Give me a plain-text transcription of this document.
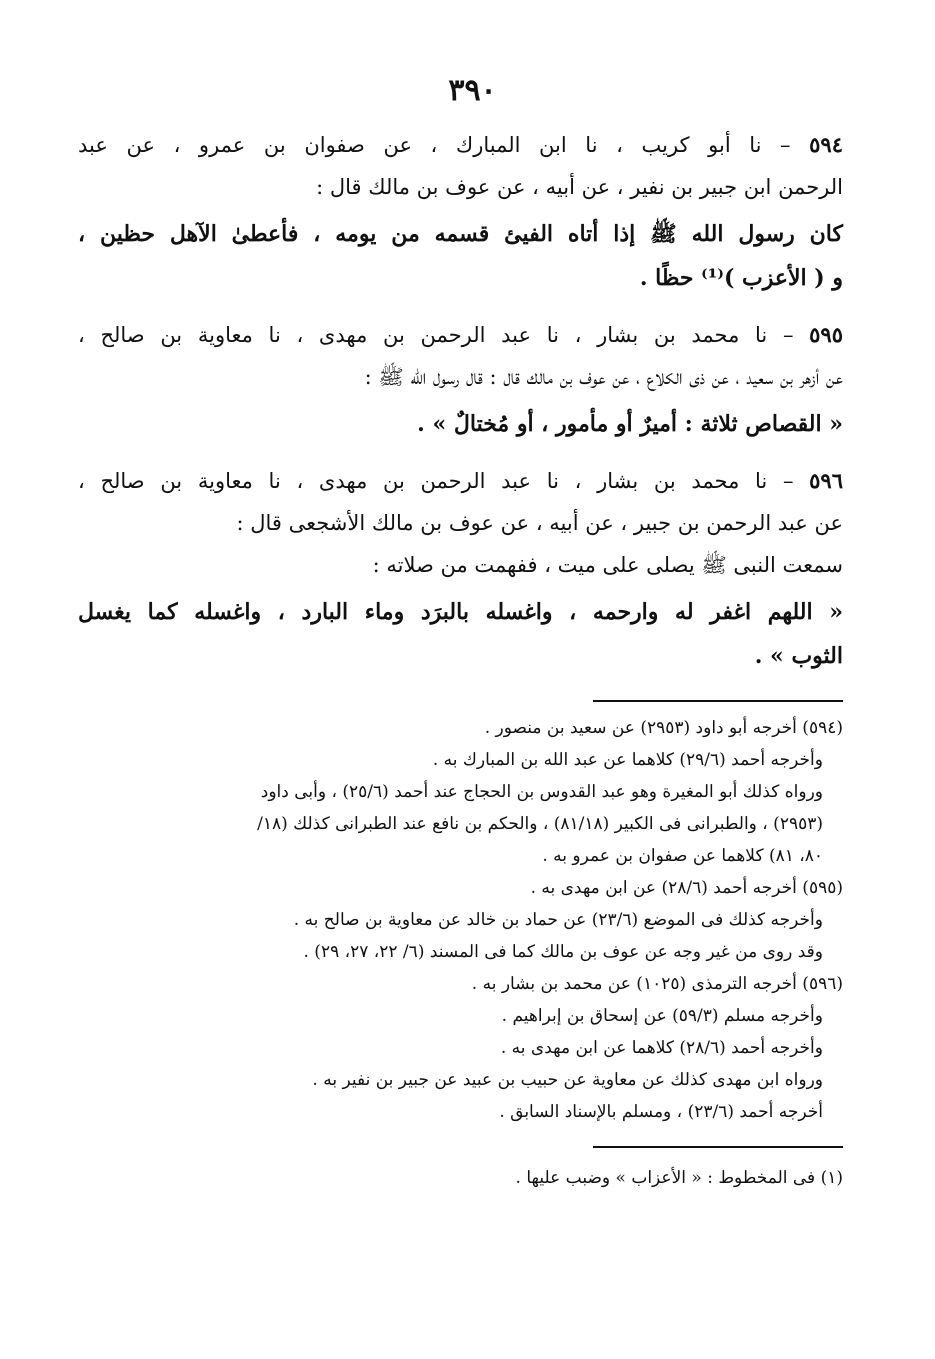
٣٩٠
٥٩٤ – نا أبو كريب ، نا ابن المبارك ، عن صفوان بن عمرو ، عن عبد
الرحمن ابن جبير بن نفير ، عن أبيه ، عن عوف بن مالك قال :
كان رسول الله ﷺ إذا أتاه الفيئ قسمه من يومه ، فأعطىٰ الآهل حظين ،
و ( الأعزب )⁽¹⁾ حظًا .
٥٩٥ – نا محمد بن بشار ، نا عبد الرحمن بن مهدى ، نا معاوية بن صالح ،
عن أزهر بن سعيد ، عن ذى الكلاع ، عن عوف بن مالك قال : قال رسول الله ﷺ :
« القصاص ثلاثة : أميرٌ أو مأمور ، أو مُختالٌ » .
٥٩٦ – نا محمد بن بشار ، نا عبد الرحمن بن مهدى ، نا معاوية بن صالح ،
عن عبد الرحمن بن جبير ، عن أبيه ، عن عوف بن مالك الأشجعى قال :
سمعت النبى ﷺ يصلى على ميت ، ففهمت من صلاته :
« اللهم اغفر له وارحمه ، واغسله بالبرَد وماء البارد ، واغسله كما يغسل
الثوب » .
(٥٩٤) أخرجه أبو داود (٢٩٥٣) عن سعيد بن منصور .
وأخرجه أحمد (٢٩/٦) كلاهما عن عبد الله بن المبارك به .
ورواه كذلك أبو المغيرة وهو عبد القدوس بن الحجاج عند أحمد (٢٥/٦) ، وأبى داود
(٢٩٥٣) ، والطبرانى فى الكبير (٨١/١٨) ، والحكم بن نافع عند الطبرانى كذلك (١٨/
٨٠، ٨١) كلاهما عن صفوان بن عمرو به .
(٥٩٥) أخرجه أحمد (٢٨/٦) عن ابن مهدى به .
وأخرجه كذلك فى الموضع (٢٣/٦) عن حماد بن خالد عن معاوية بن صالح به .
وقد روى من غير وجه عن عوف بن مالك كما فى المسند (٦/ ٢٢، ٢٧، ٢٩) .
(٥٩٦) أخرجه الترمذى (١٠٢٥) عن محمد بن بشار به .
وأخرجه مسلم (٥٩/٣) عن إسحاق بن إبراهيم .
وأخرجه أحمد (٢٨/٦) كلاهما عن ابن مهدى به .
ورواه ابن مهدى كذلك عن معاوية عن حبيب بن عبيد عن جبير بن نفير به .
أخرجه أحمد (٢٣/٦) ، ومسلم بالإسناد السابق .
(١) فى المخطوط : « الأعزاب » وضبب عليها .
